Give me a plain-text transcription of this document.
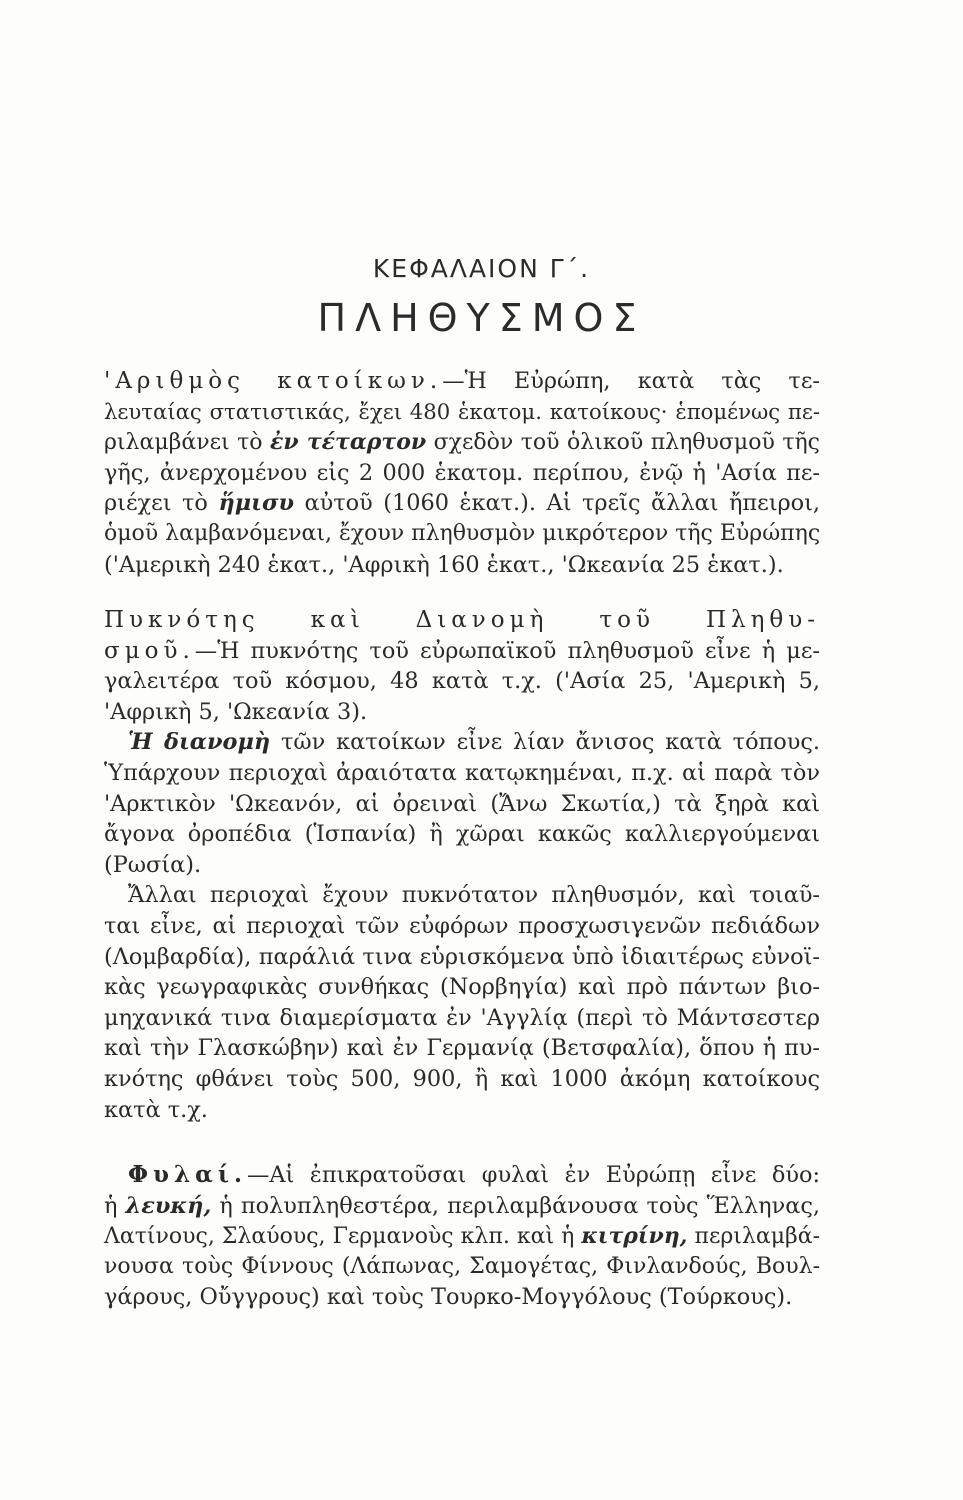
ΚΕΦΑΛΑΙΟΝ Γ΄.
ΠΛΗΘΥΣΜΟΣ
'Αριθμὸς κατοίκων.—Ἡ Εὐρώπη, κατὰ τὰς τε-
λευταίας στατιστικάς, ἔχει 480 ἑκατομ. κατοίκους· ἑπομένως πε-
ριλαμβάνει τὸ ἐν τέταρτον σχεδὸν τοῦ ὁλικοῦ πληθυσμοῦ τῆς
γῆς, ἀνερχομένου εἰς 2 000 ἑκατομ. περίπου, ἐνῷ ἡ 'Ασία πε-
ριέχει τὸ ἥμισυ αὐτοῦ (1060 ἑκατ.). Αἱ τρεῖς ἄλλαι ἤπειροι,
ὁμοῦ λαμβανόμεναι, ἔχουν πληθυσμὸν μικρότερον τῆς Εὐρώπης
('Αμερικὴ 240 ἑκατ., 'Αφρικὴ 160 ἑκατ., 'Ωκεανία 25 ἑκατ.).
Πυκνότης καὶ Διανομὴ τοῦ Πληθυ-
σμοῦ.—Ἡ πυκνότης τοῦ εὐρωπαϊκοῦ πληθυσμοῦ εἶνε ἡ με-
γαλειτέρα τοῦ κόσμου, 48 κατὰ τ.χ. ('Ασία 25, 'Αμερικὴ 5,
'Αφρικὴ 5, 'Ωκεανία 3).
Ἡ διανομὴ τῶν κατοίκων εἶνε λίαν ἄνισος κατὰ τόπους.
Ὑπάρχουν περιοχαὶ ἀραιότατα κατῳκημέναι, π.χ. αἱ παρὰ τὸν
'Αρκτικὸν 'Ωκεανόν, αἱ ὀρειναὶ (Ἄνω Σκωτία,) τὰ ξηρὰ καὶ
ἄγονα ὀροπέδια (Ἱσπανία) ἢ χῶραι κακῶς καλλιεργούμεναι
(Ρωσία).
Ἄλλαι περιοχαὶ ἔχουν πυκνότατον πληθυσμόν, καὶ τοιαῦ-
ται εἶνε, αἱ περιοχαὶ τῶν εὐφόρων προσχωσιγενῶν πεδιάδων
(Λομβαρδία), παράλιά τινα εὑρισκόμενα ὑπὸ ἰδιαιτέρως εὐνοϊ-
κὰς γεωγραφικὰς συνθήκας (Νορβηγία) καὶ πρὸ πάντων βιο-
μηχανικά τινα διαμερίσματα ἐν 'Αγγλίᾳ (περὶ τὸ Μάντσεστερ
καὶ τὴν Γλασκώβην) καὶ ἐν Γερμανίᾳ (Βετσφαλία), ὅπου ἡ πυ-
κνότης φθάνει τοὺς 500, 900, ἢ καὶ 1000 ἀκόμη κατοίκους
κατὰ τ.χ.
Φυλαί.—Αἱ ἐπικρατοῦσαι φυλαὶ ἐν Εὐρώπῃ εἶνε δύο:
ἡ λευκή, ἡ πολυπληθεστέρα, περιλαμβάνουσα τοὺς Ἕλληνας,
Λατίνους, Σλαύους, Γερμανοὺς κλπ. καὶ ἡ κιτρίνη, περιλαμβά-
νουσα τοὺς Φίννους (Λάπωνας, Σαμογέτας, Φινλανδούς, Βουλ-
γάρους, Οὔγγρους) καὶ τοὺς Τουρκο-Μογγόλους (Τούρκους).
